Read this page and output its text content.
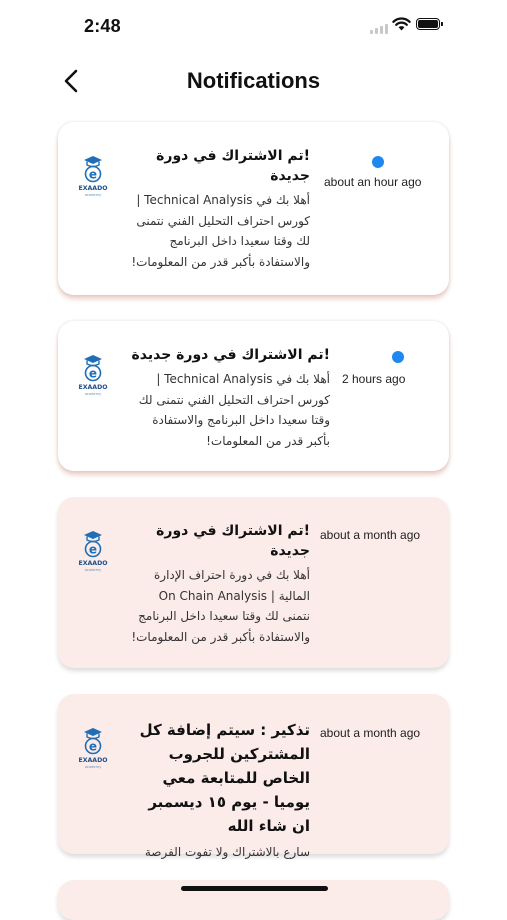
2:48
Notifications
e
EXAADO
academy
!تم الاشتراك في دورة جديدة
أهلا بك في Technical Analysis | كورس احتراف التحليل الفني نتمنى لك وقتا سعيدا داخل البرنامج والاستفادة بأكبر قدر من المعلومات!
about an hour ago
e
EXAADO
academy
!تم الاشتراك في دورة جديدة
أهلا بك في Technical Analysis | كورس احتراف التحليل الفني نتمنى لك وقتا سعيدا داخل البرنامج والاستفادة بأكبر قدر من المعلومات!
2 hours ago
e
EXAADO
academy
!تم الاشتراك في دورة جديدة
أهلا بك في دورة احتراف الإدارة المالية | On Chain Analysis نتمنى لك وقتا سعيدا داخل البرنامج والاستفادة بأكبر قدر من المعلومات!
about a month ago
e
EXAADO
academy
تذكير : سيتم إضافة كل المشتركين للجروب الخاص للمتابعة معي يوميا - يوم ١٥ ديسمبر ان شاء الله
سارع بالاشتراك ولا تفوت الفرصة
about a month ago
